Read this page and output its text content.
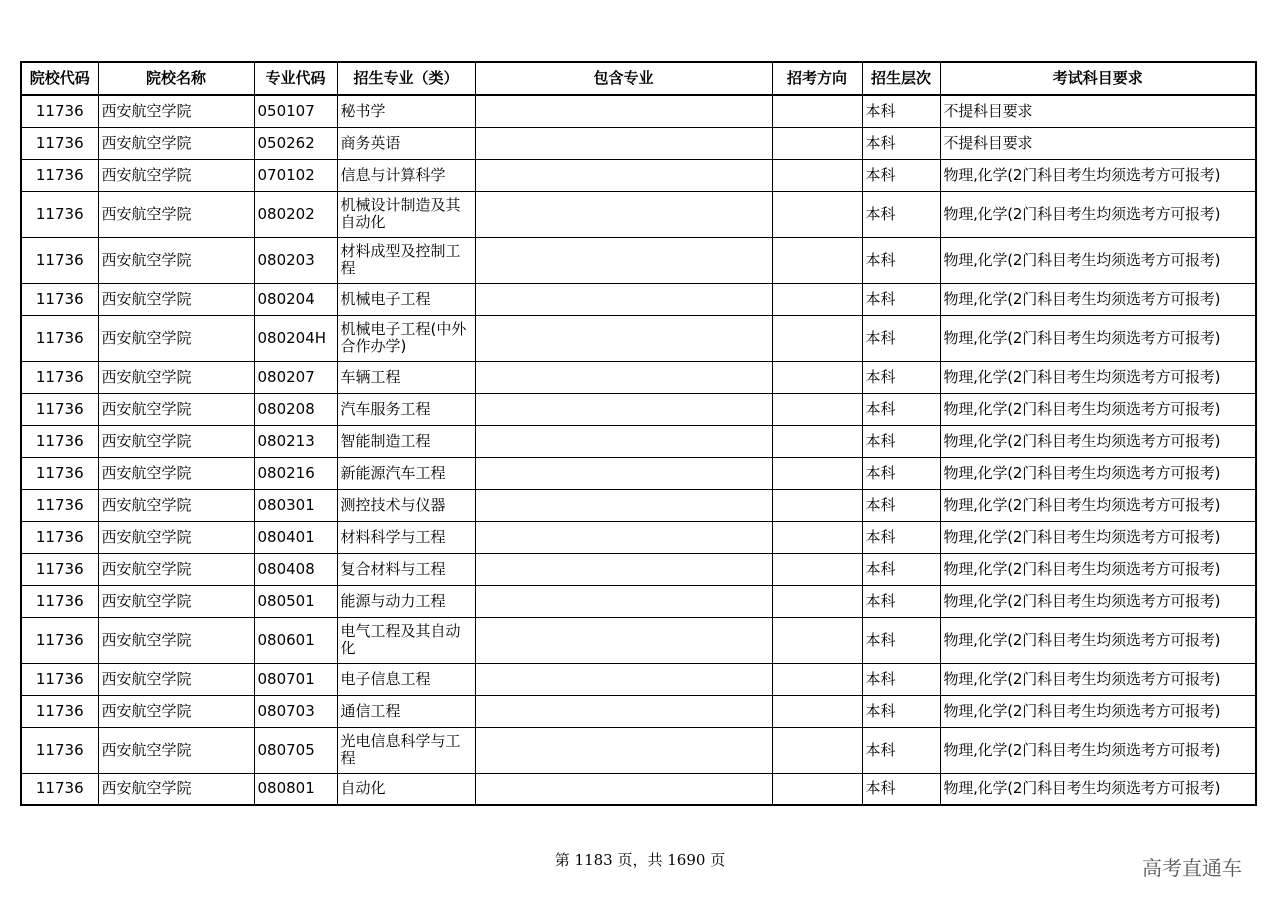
院校代码	院校名称	专业代码	招生专业（类）	包含专业	招考方向	招生层次	考试科目要求
11736	西安航空学院	050107	秘书学			本科	不提科目要求
11736	西安航空学院	050262	商务英语			本科	不提科目要求
11736	西安航空学院	070102	信息与计算科学			本科	物理,化学(2门科目考生均须选考方可报考)
11736	西安航空学院	080202	机械设计制造及其自动化			本科	物理,化学(2门科目考生均须选考方可报考)
11736	西安航空学院	080203	材料成型及控制工程			本科	物理,化学(2门科目考生均须选考方可报考)
11736	西安航空学院	080204	机械电子工程			本科	物理,化学(2门科目考生均须选考方可报考)
11736	西安航空学院	080204H	机械电子工程(中外合作办学)			本科	物理,化学(2门科目考生均须选考方可报考)
11736	西安航空学院	080207	车辆工程			本科	物理,化学(2门科目考生均须选考方可报考)
11736	西安航空学院	080208	汽车服务工程			本科	物理,化学(2门科目考生均须选考方可报考)
11736	西安航空学院	080213	智能制造工程			本科	物理,化学(2门科目考生均须选考方可报考)
11736	西安航空学院	080216	新能源汽车工程			本科	物理,化学(2门科目考生均须选考方可报考)
11736	西安航空学院	080301	测控技术与仪器			本科	物理,化学(2门科目考生均须选考方可报考)
11736	西安航空学院	080401	材料科学与工程			本科	物理,化学(2门科目考生均须选考方可报考)
11736	西安航空学院	080408	复合材料与工程			本科	物理,化学(2门科目考生均须选考方可报考)
11736	西安航空学院	080501	能源与动力工程			本科	物理,化学(2门科目考生均须选考方可报考)
11736	西安航空学院	080601	电气工程及其自动化			本科	物理,化学(2门科目考生均须选考方可报考)
11736	西安航空学院	080701	电子信息工程			本科	物理,化学(2门科目考生均须选考方可报考)
11736	西安航空学院	080703	通信工程			本科	物理,化学(2门科目考生均须选考方可报考)
11736	西安航空学院	080705	光电信息科学与工程			本科	物理,化学(2门科目考生均须选考方可报考)
11736	西安航空学院	080801	自动化			本科	物理,化学(2门科目考生均须选考方可报考)
第 1183 页，共 1690 页	高考直通车
